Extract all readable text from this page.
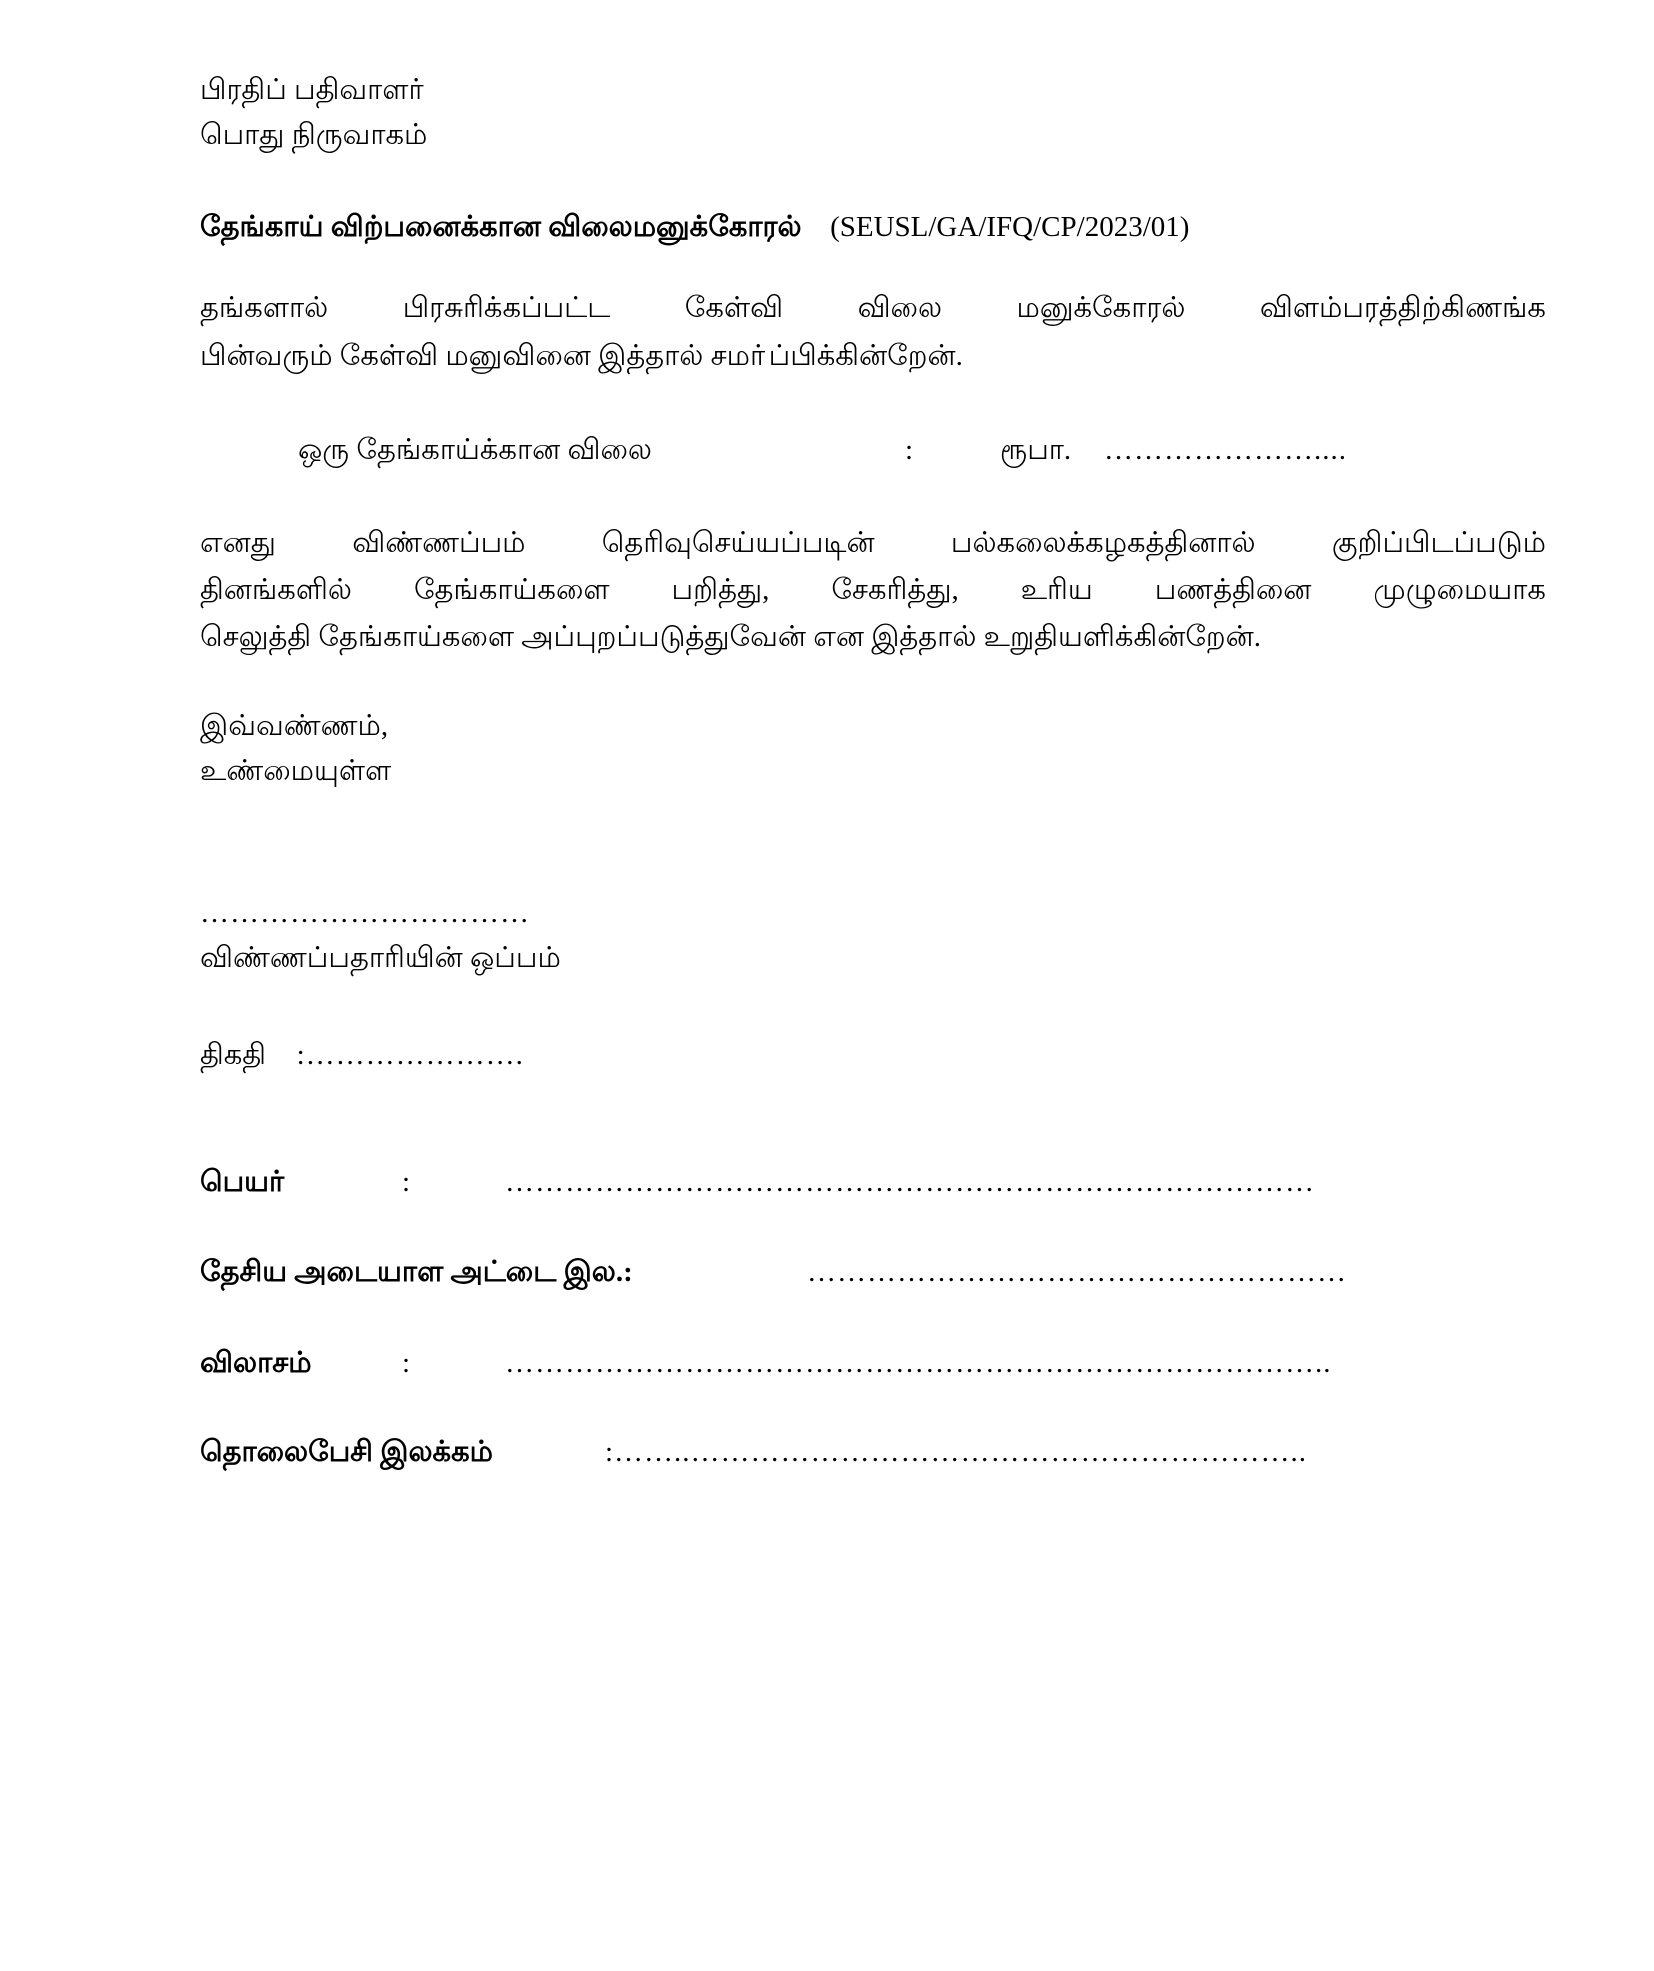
பிரதிப் பதிவாளர்
பொது நிருவாகம்
தேங்காய் விற்பனைக்கான விலைமனுக்கோரல் (SEUSL/GA/IFQ/CP/2023/01)
தங்களால்	பிரசுரிக்கப்பட்ட	கேள்வி	விலை	மனுக்கோரல்	விளம்பரத்திற்கிணங்க
பின்வரும் கேள்வி மனுவினை இத்தால் சமா்ப்பிக்கின்றேன்.
ஒரு தேங்காய்க்கான விலை	:	ரூபா. …………………....
எனது	விண்ணப்பம்	தெரிவுசெய்யப்படின்	பல்கலைக்கழகத்தினால்	குறிப்பிடப்படும்
தினங்களில் தேங்காய்களை பறித்து, சேகரித்து, உரிய பணத்தினை முழுமையாக
செலுத்தி தேங்காய்களை அப்புறப்படுத்துவேன் என இத்தால் உறுதியளிக்கின்றேன்.
இவ்வண்ணம்,
உண்மையுள்ள
……………………………
விண்ணப்பதாரியின் ஒப்பம்
திகதி :………………….
பெயர்	:	………………………………………………………………………
தேசிய அடையாள அட்டை இல.:	………………………………………………
விலாசம்	:	………………………………………………………………………..
தொலைபேசி இலக்கம்	:……..……………………………………………………..
